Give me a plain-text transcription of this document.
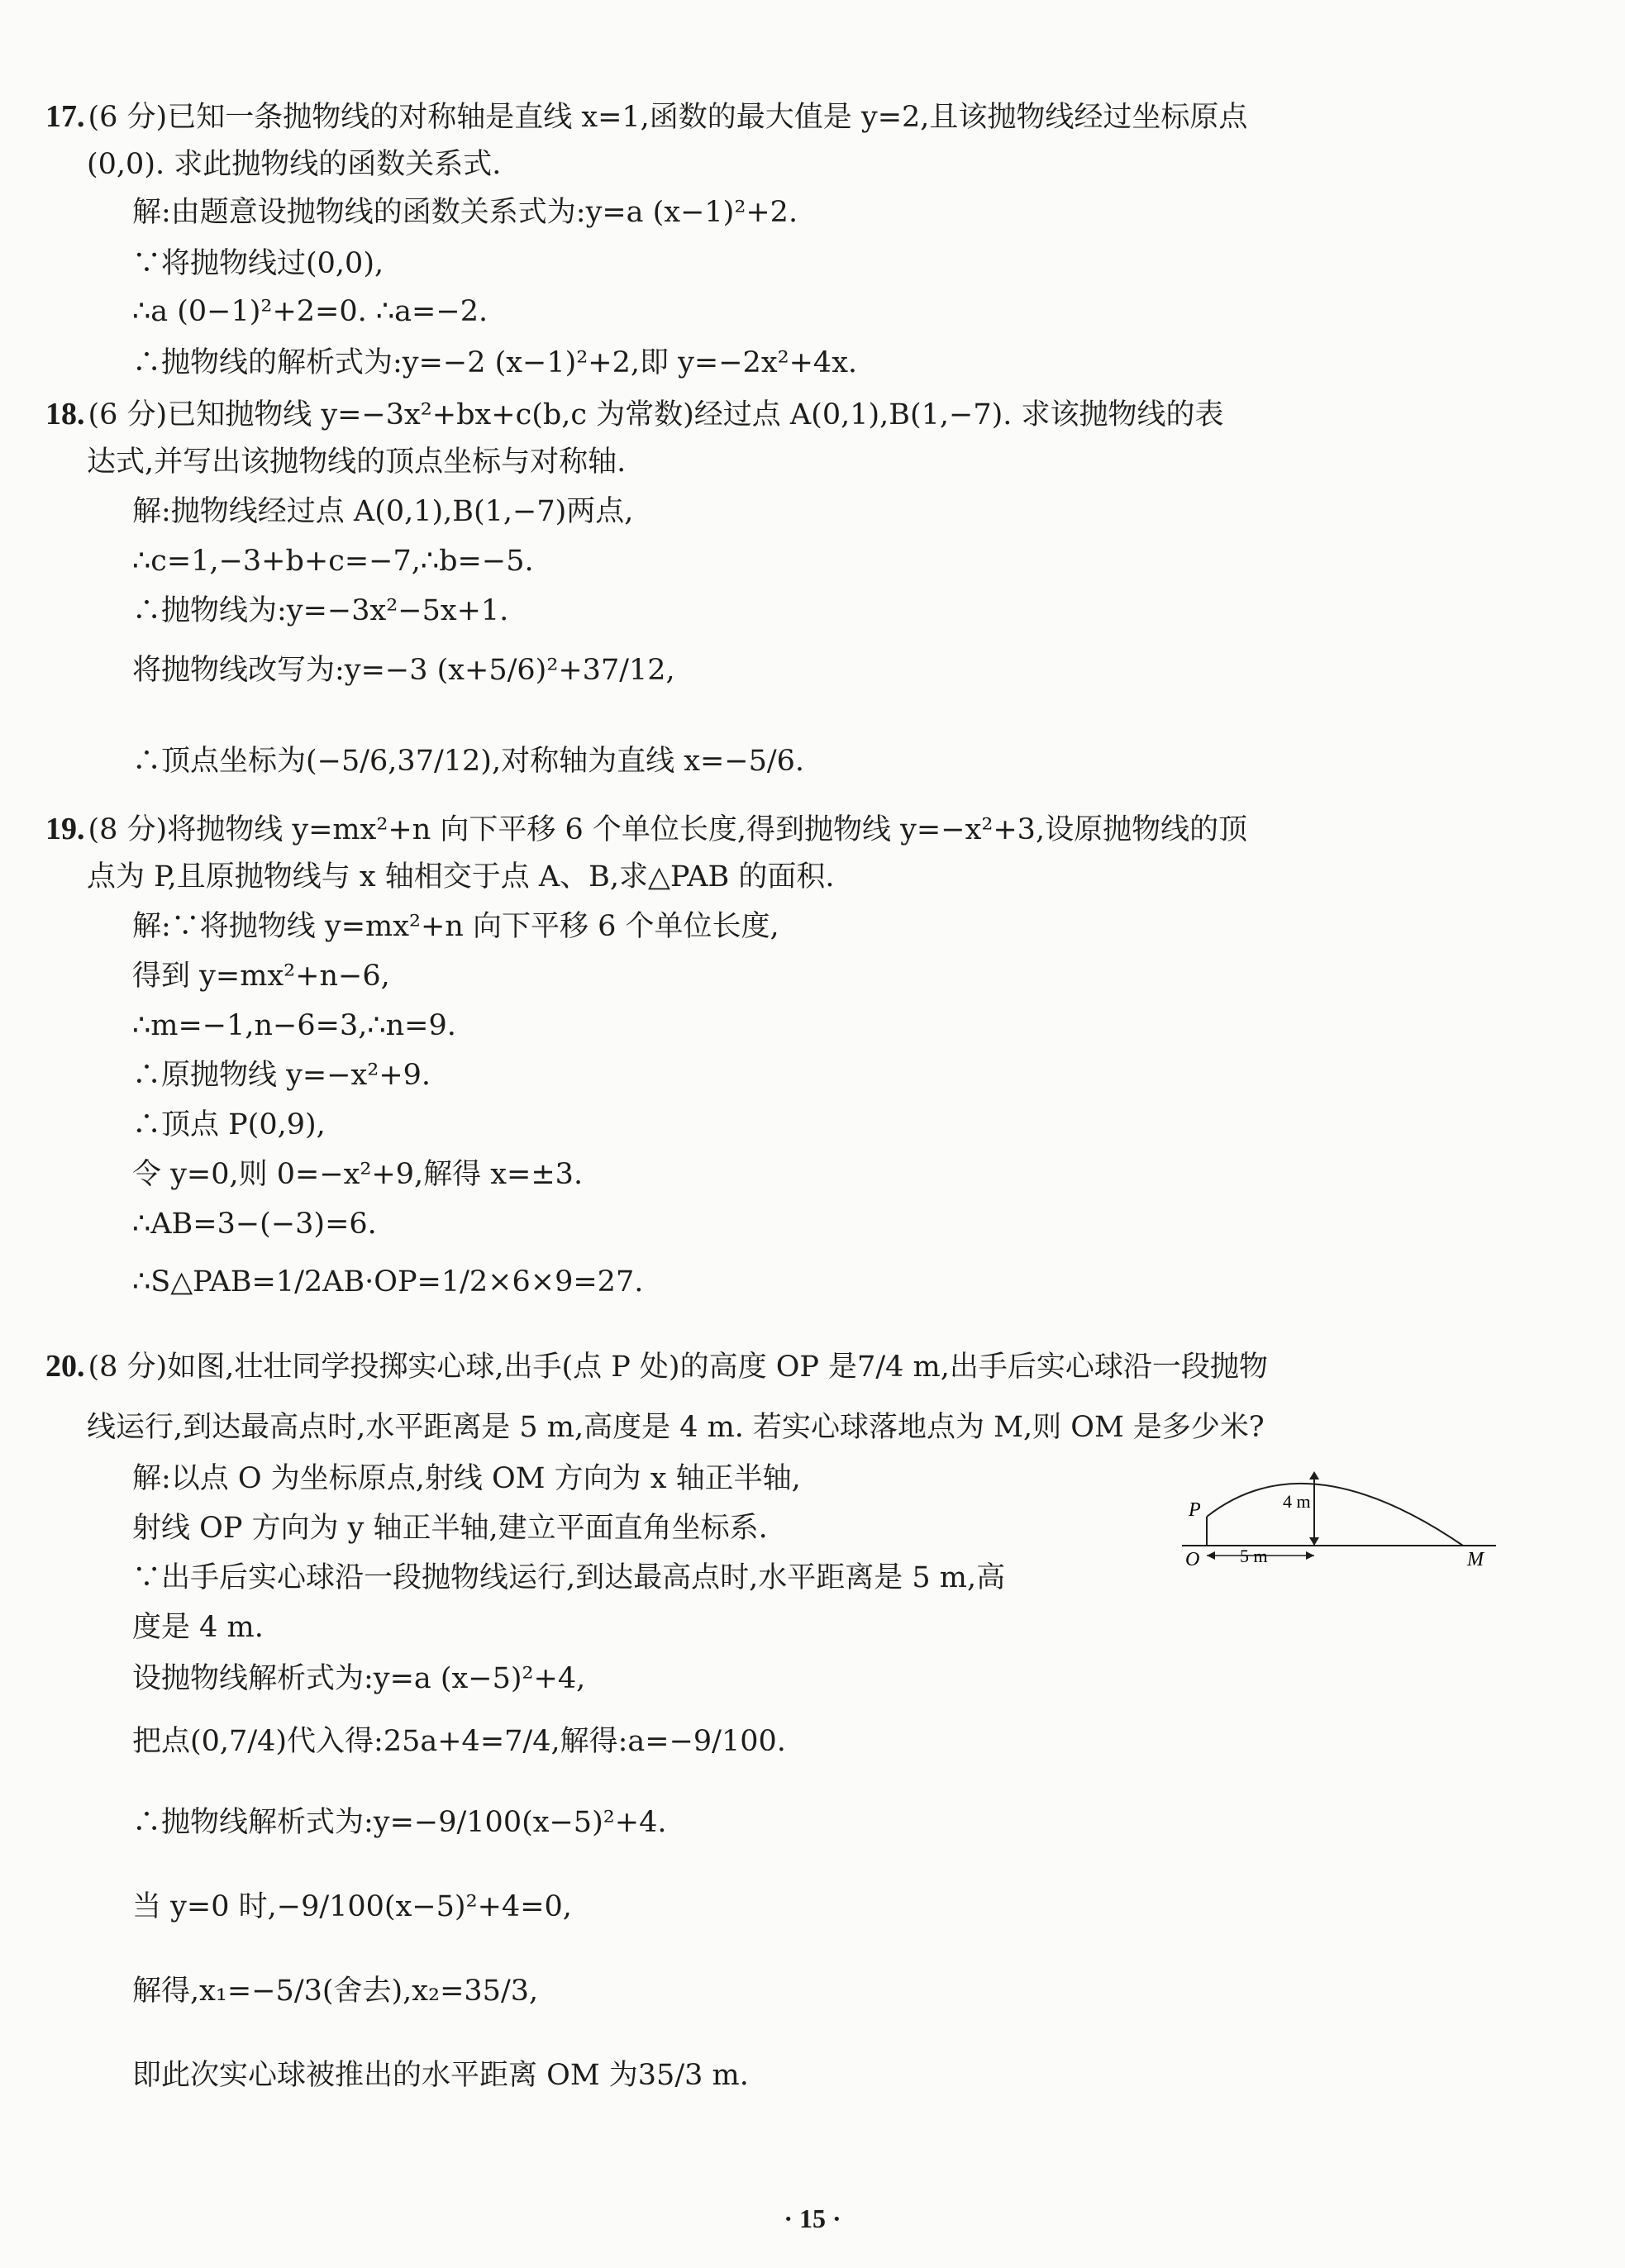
17. (6 分)已知一条抛物线的对称轴是直线 x=1,函数的最大值是 y=2,且该抛物线经过坐标原点
(0,0). 求此抛物线的函数关系式.
解:由题意设抛物线的函数关系式为:y=a (x−1)²+2.
∵将抛物线过(0,0),
∴a (0−1)²+2=0. ∴a=−2.
∴抛物线的解析式为:y=−2 (x−1)²+2,即 y=−2x²+4x.
18. (6 分)已知抛物线 y=−3x²+bx+c(b,c 为常数)经过点 A(0,1),B(1,−7). 求该抛物线的表
达式,并写出该抛物线的顶点坐标与对称轴.
解:抛物线经过点 A(0,1),B(1,−7)两点,
∴c=1,−3+b+c=−7,∴b=−5.
∴抛物线为:y=−3x²−5x+1.
将抛物线改写为:y=−3 (x+5/6)²+37/12,
∴顶点坐标为(−5/6,37/12),对称轴为直线 x=−5/6.
19. (8 分)将抛物线 y=mx²+n 向下平移 6 个单位长度,得到抛物线 y=−x²+3,设原抛物线的顶
点为 P,且原抛物线与 x 轴相交于点 A、B,求△PAB 的面积.
解:∵将抛物线 y=mx²+n 向下平移 6 个单位长度,
得到 y=mx²+n−6,
∴m=−1,n−6=3,∴n=9.
∴原抛物线 y=−x²+9.
∴顶点 P(0,9),
令 y=0,则 0=−x²+9,解得 x=±3.
∴AB=3−(−3)=6.
∴S△PAB=1/2AB·OP=1/2×6×9=27.
20. (8 分)如图,壮壮同学投掷实心球,出手(点 P 处)的高度 OP 是7/4 m,出手后实心球沿一段抛物
线运行,到达最高点时,水平距离是 5 m,高度是 4 m. 若实心球落地点为 M,则 OM 是多少米?
解:以点 O 为坐标原点,射线 OM 方向为 x 轴正半轴,
射线 OP 方向为 y 轴正半轴,建立平面直角坐标系.
∵出手后实心球沿一段抛物线运行,到达最高点时,水平距离是 5 m,高
度是 4 m.
设抛物线解析式为:y=a (x−5)²+4,
把点(0,7/4)代入得:25a+4=7/4,解得:a=−9/100.
∴抛物线解析式为:y=−9/100(x−5)²+4.
当 y=0 时,−9/100(x−5)²+4=0,
解得,x₁=−5/3(舍去),x₂=35/3,
即此次实心球被推出的水平距离 OM 为35/3 m.
P
O	M
4 m
5 m
· 15 ·
